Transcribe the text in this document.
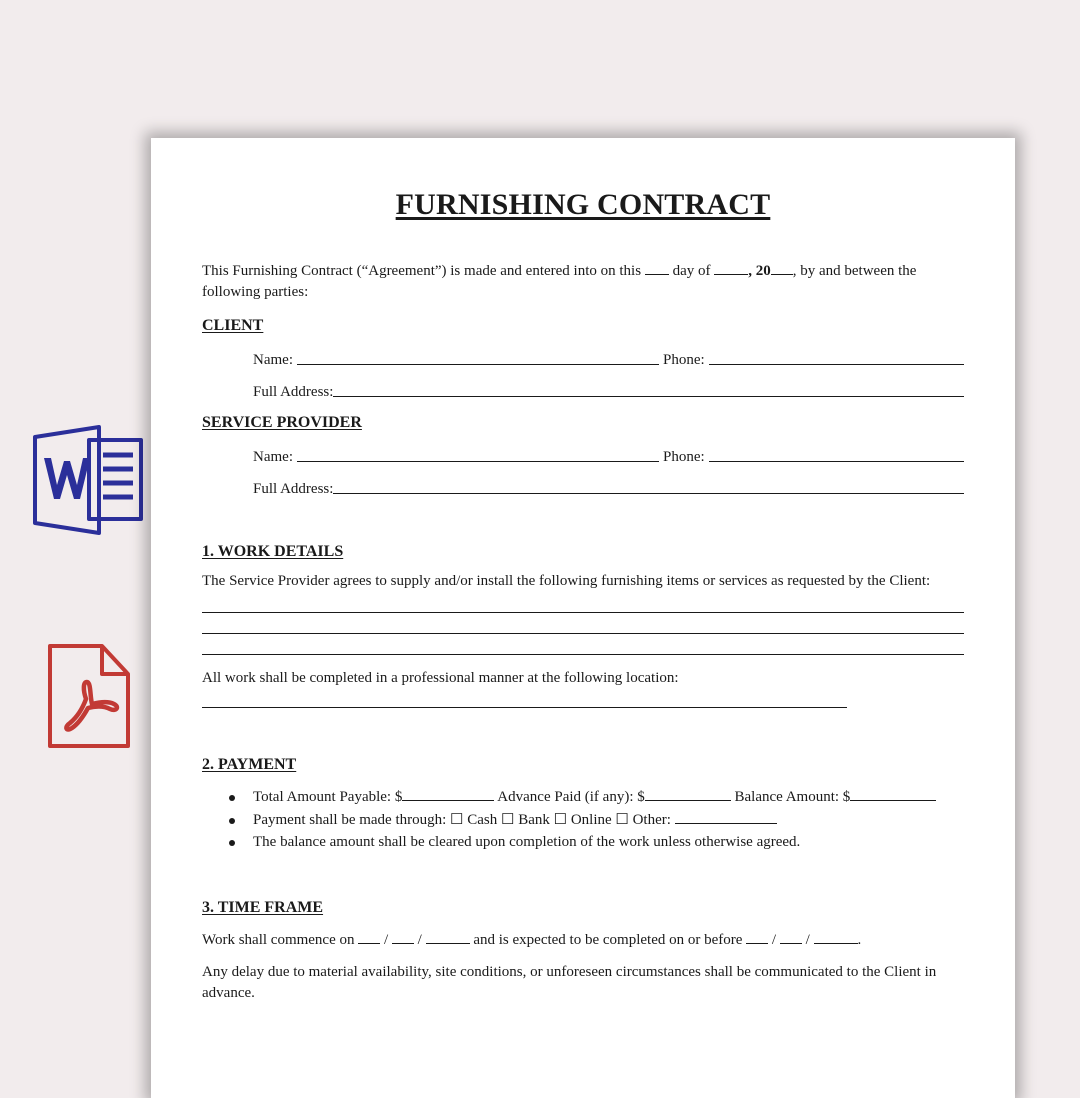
FURNISHING CONTRACT

This Furnishing Contract (“Agreement”) is made and entered into on this  day of , 20 , by and between the following parties:

CLIENT
Name:	Phone:
Full Address:
SERVICE PROVIDER
Name:	Phone:
Full Address:
1. WORK DETAILS

The Service Provider agrees to supply and/or install the following furnishing items or services as requested by the Client:

All work shall be completed in a professional manner at the following location:

2. PAYMENT
Total Amount Payable: $	Advance Paid (if any): $	Balance Amount: $
Payment shall be made through: ☐ Cash ☐ Bank ☐ Online ☐ Other:
The balance amount shall be cleared upon completion of the work unless otherwise agreed.
3. TIME FRAME

Work shall commence on / /	and is expected to be completed on or before / /	.

Any delay due to material availability, site conditions, or unforeseen circumstances shall be communicated to the Client in advance.
